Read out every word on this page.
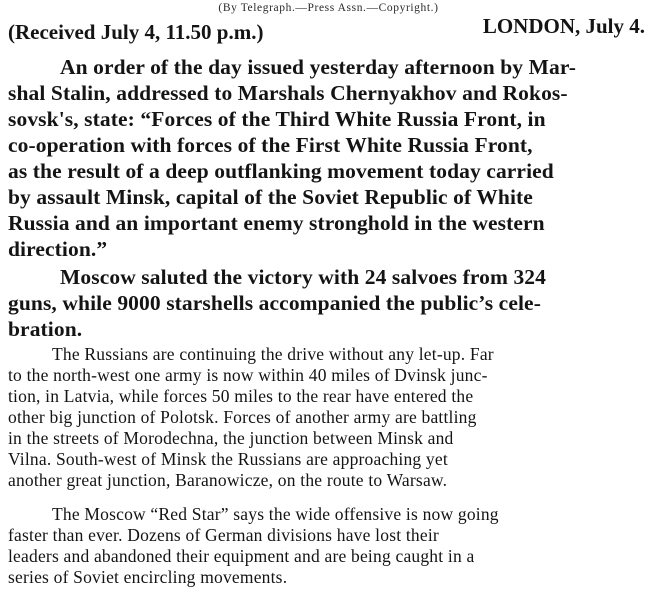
(By Telegraph.—Press Assn.—Copyright.)
(Received July 4, 11.50 p.m.)	LONDON, July 4.
An order of the day issued yesterday afternoon by Mar-
shal Stalin, addressed to Marshals Chernyakhov and Rokos-
sovsk's, state: “Forces of the Third White Russia Front, in
co-operation with forces of the First White Russia Front,
as the result of a deep outflanking movement today carried
by assault Minsk, capital of the Soviet Republic of White
Russia and an important enemy stronghold in the western
direction.”
Moscow saluted the victory with 24 salvoes from 324
guns, while 9000 starshells accompanied the public’s cele-
bration.
The Russians are continuing the drive without any let-up. Far
to the north-west one army is now within 40 miles of Dvinsk junc-
tion, in Latvia, while forces 50 miles to the rear have entered the
other big junction of Polotsk. Forces of another army are battling
in the streets of Morodechna, the junction between Minsk and
Vilna. South-west of Minsk the Russians are approaching yet
another great junction, Baranowicze, on the route to Warsaw.
The Moscow “Red Star” says the wide offensive is now going
faster than ever. Dozens of German divisions have lost their
leaders and abandoned their equipment and are being caught in a
series of Soviet encircling movements.
